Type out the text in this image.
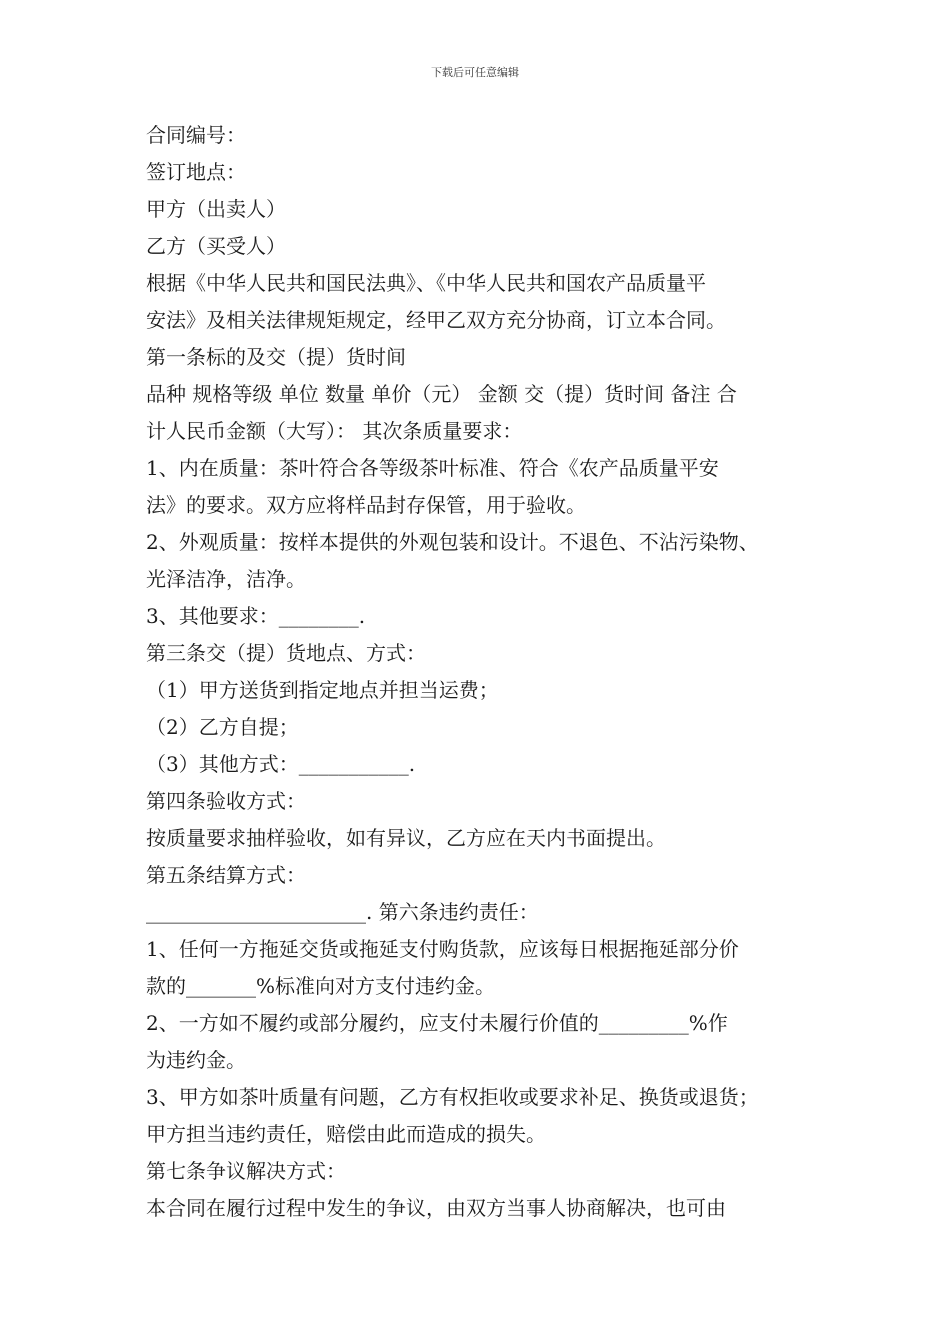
下载后可任意编辑
合同编号：
签订地点：
甲方（出卖人）
乙方（买受人）
根据《中华人民共和国民法典》、《中华人民共和国农产品质量平
安法》及相关法律规矩规定，经甲乙双方充分协商，订立本合同。
第一条标的及交（提）货时间
品种 规格等级 单位 数量 单价（元） 金额 交（提）货时间 备注 合
计人民币金额（大写）： 其次条质量要求：
1、内在质量：茶叶符合各等级茶叶标准、符合《农产品质量平安
法》的要求。双方应将样品封存保管，用于验收。
2、外观质量：按样本提供的外观包装和设计。不退色、不沾污染物、
光泽洁净，洁净。
3、其他要求：________.
第三条交（提）货地点、方式：
（1）甲方送货到指定地点并担当运费；
（2）乙方自提；
（3）其他方式：___________.
第四条验收方式：
按质量要求抽样验收，如有异议，乙方应在天内书面提出。
第五条结算方式：
______________________. 第六条违约责任：
1、任何一方拖延交货或拖延支付购货款，应该每日根据拖延部分价
款的_______%标准向对方支付违约金。
2、一方如不履约或部分履约，应支付未履行价值的_________%作
为违约金。
3、甲方如茶叶质量有问题，乙方有权拒收或要求补足、换货或退货；
甲方担当违约责任，赔偿由此而造成的损失。
第七条争议解决方式：
本合同在履行过程中发生的争议，由双方当事人协商解决，也可由
